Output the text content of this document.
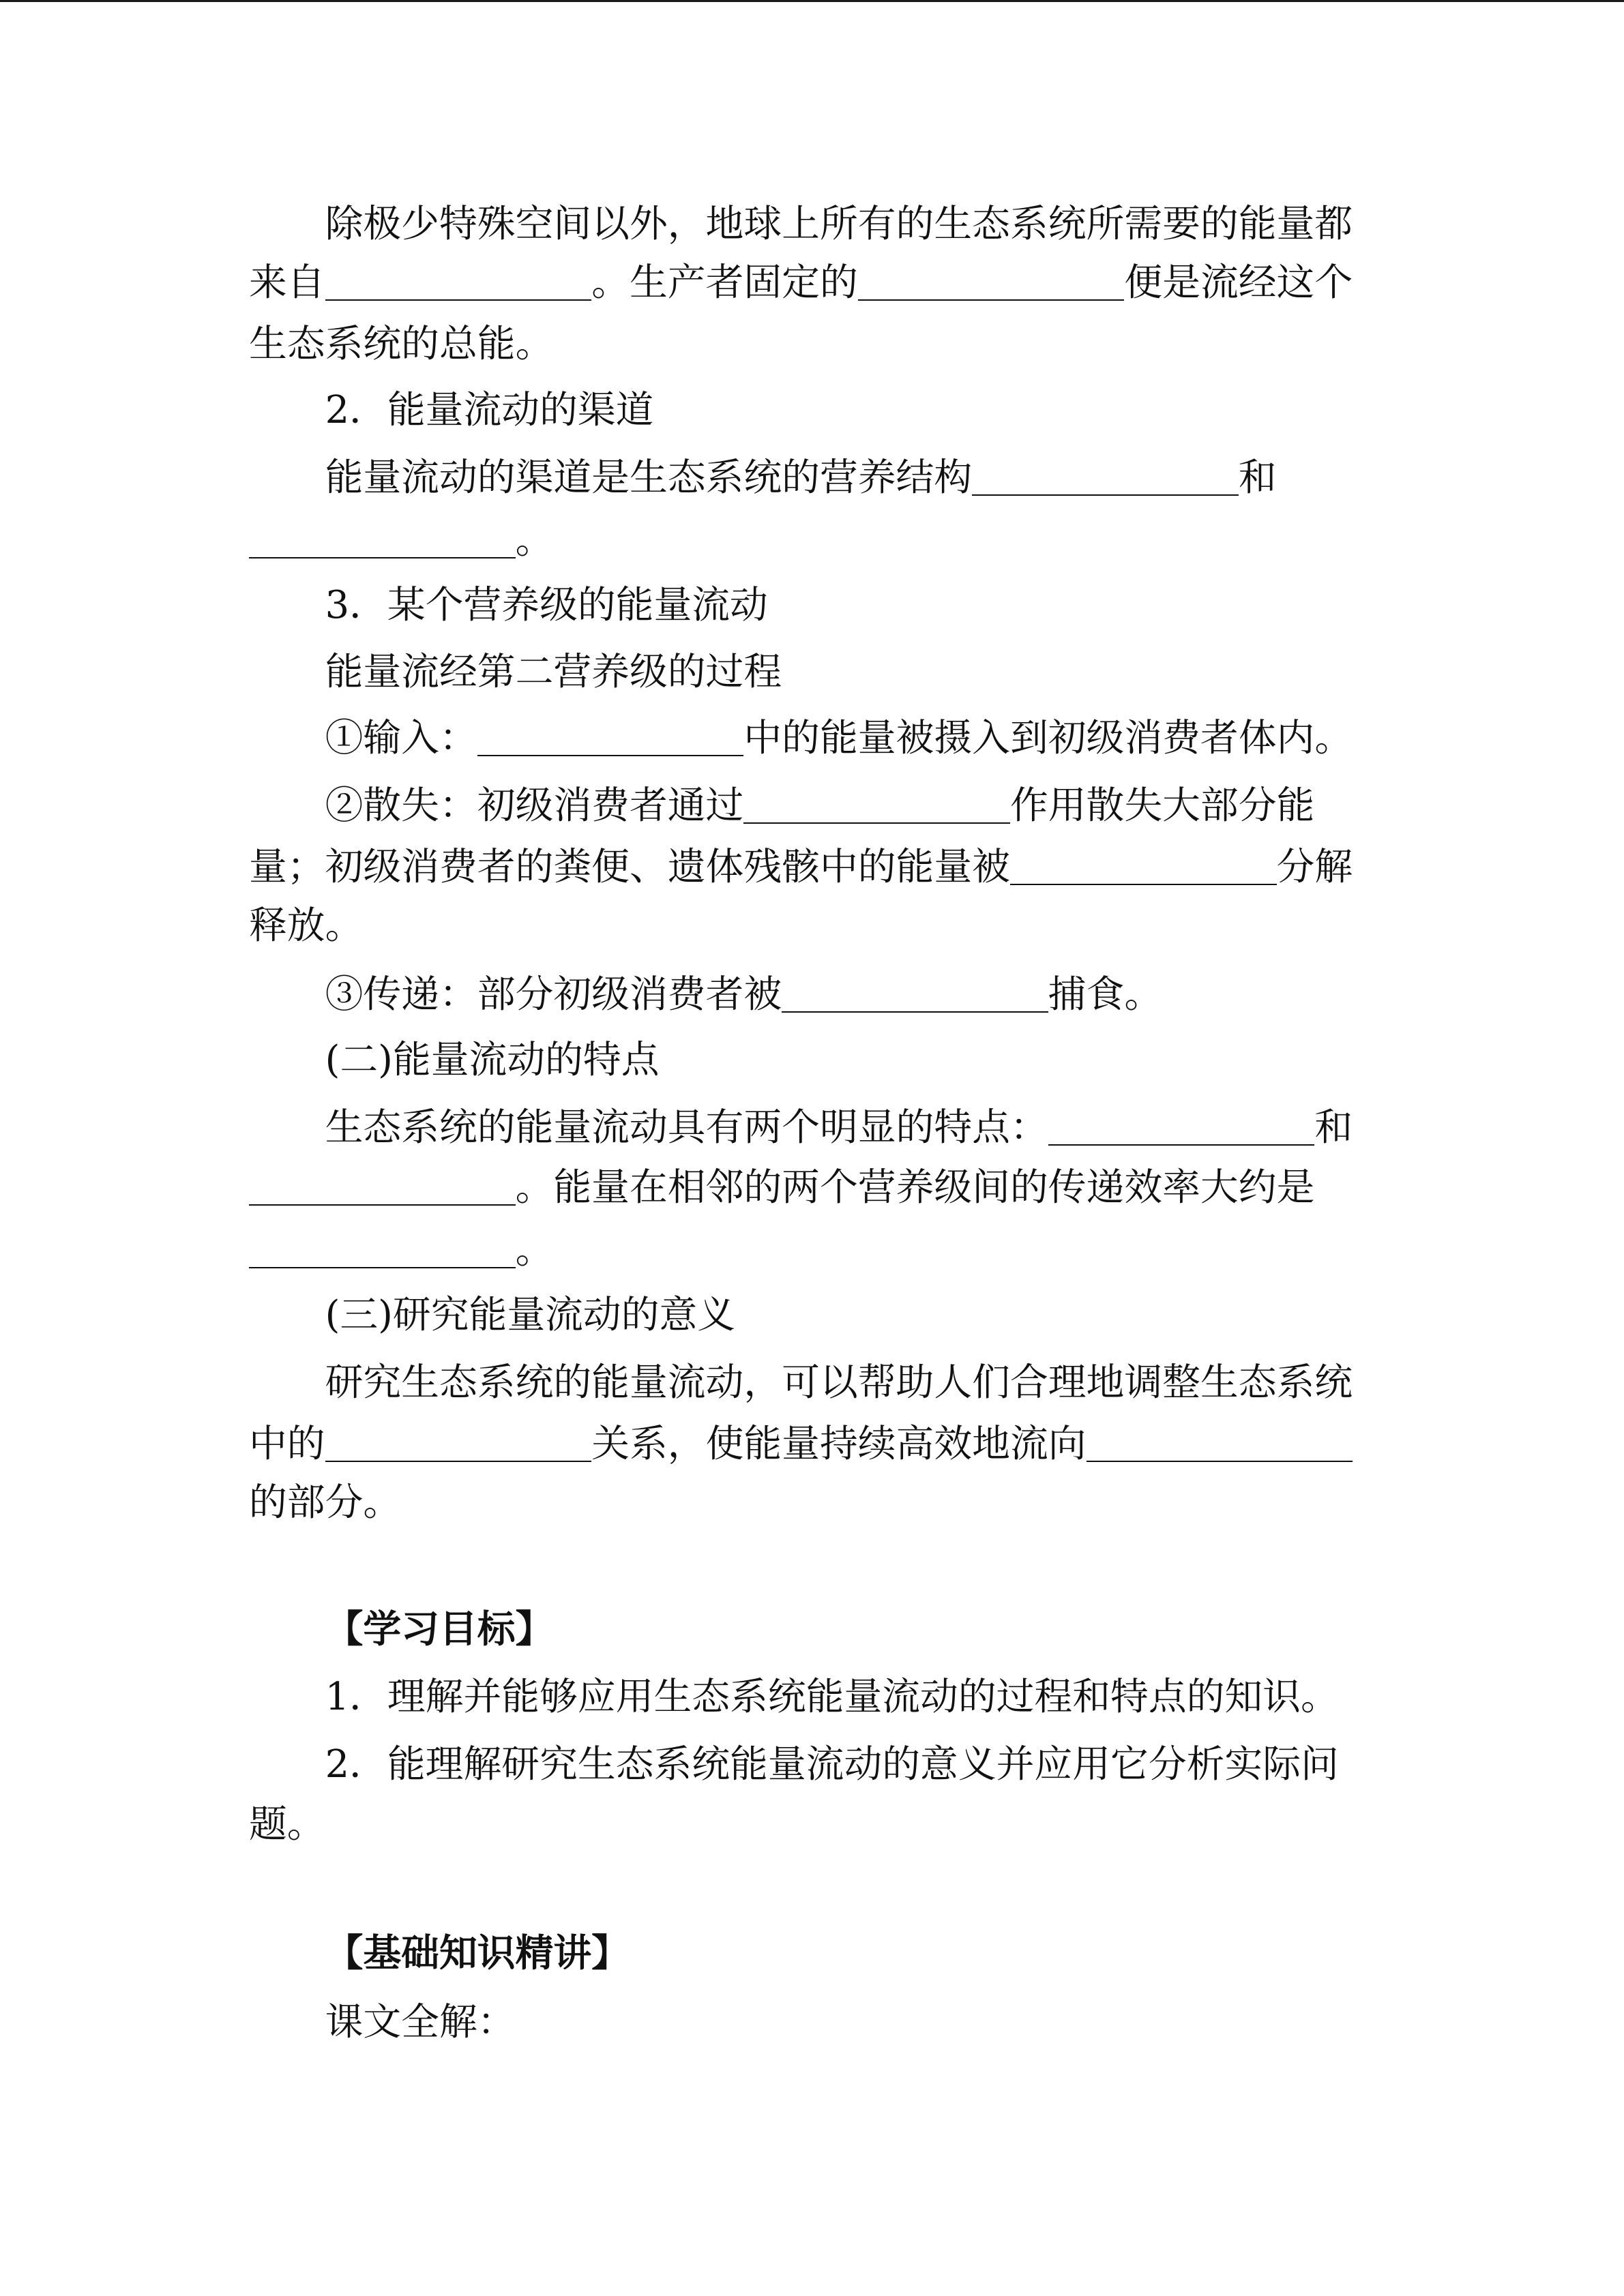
除极少特殊空间以外，地球上所有的生态系统所需要的能量都
来自	。生产者固定的	便是流经这个
生态系统的总能。
2．能量流动的渠道
能量流动的渠道是生态系统的营养结构	和
。
3．某个营养级的能量流动
能量流经第二营养级的过程
①输入：	中的能量被摄入到初级消费者体内。
②散失：初级消费者通过	作用散失大部分能
量；初级消费者的粪便、遗体残骸中的能量被	分解
释放。
③传递：部分初级消费者被	捕食。
(二)能量流动的特点
生态系统的能量流动具有两个明显的特点：	和
。能量在相邻的两个营养级间的传递效率大约是
。
(三)研究能量流动的意义
研究生态系统的能量流动，可以帮助人们合理地调整生态系统
中的	关系，使能量持续高效地流向
的部分。
【学习目标】
1．理解并能够应用生态系统能量流动的过程和特点的知识。
2．能理解研究生态系统能量流动的意义并应用它分析实际问
题。
【基础知识精讲】
课文全解：
